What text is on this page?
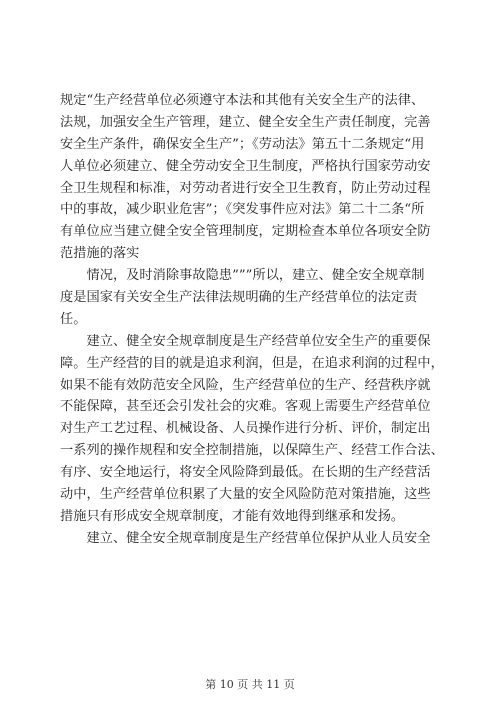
规定“生产经营单位必须遵守本法和其他有关安全生产的法律、
法规，加强安全生产管理，建立、健全安全生产责任制度，完善
安全生产条件，确保安全生产”；《劳动法》第五十二条规定“用
人单位必须建立、健全劳动安全卫生制度，严格执行国家劳动安
全卫生规程和标准，对劳动者进行安全卫生教育，防止劳动过程
中的事故，减少职业危害”；《突发事件应对法》第二十二条“所
有单位应当建立健全安全管理制度，定期检查本单位各项安全防
范措施的落实
　　情况，及时消除事故隐患”””所以，建立、健全安全规章制
度是国家有关安全生产法律法规明确的生产经营单位的法定责
任。
　　建立、健全安全规章制度是生产经营单位安全生产的重要保
障。生产经营的目的就是追求利润，但是，在追求利润的过程中，
如果不能有效防范安全风险，生产经营单位的生产、经营秩序就
不能保障，甚至还会引发社会的灾难。客观上需要生产经营单位
对生产工艺过程、机械设备、人员操作进行分析、评价，制定出
一系列的操作规程和安全控制措施，以保障生产、经营工作合法、
有序、安全地运行，将安全风险降到最低。在长期的生产经营活
动中，生产经营单位积累了大量的安全风险防范对策措施，这些
措施只有形成安全规章制度，才能有效地得到继承和发扬。
　　建立、健全安全规章制度是生产经营单位保护从业人员安全
第 10 页 共 11 页
